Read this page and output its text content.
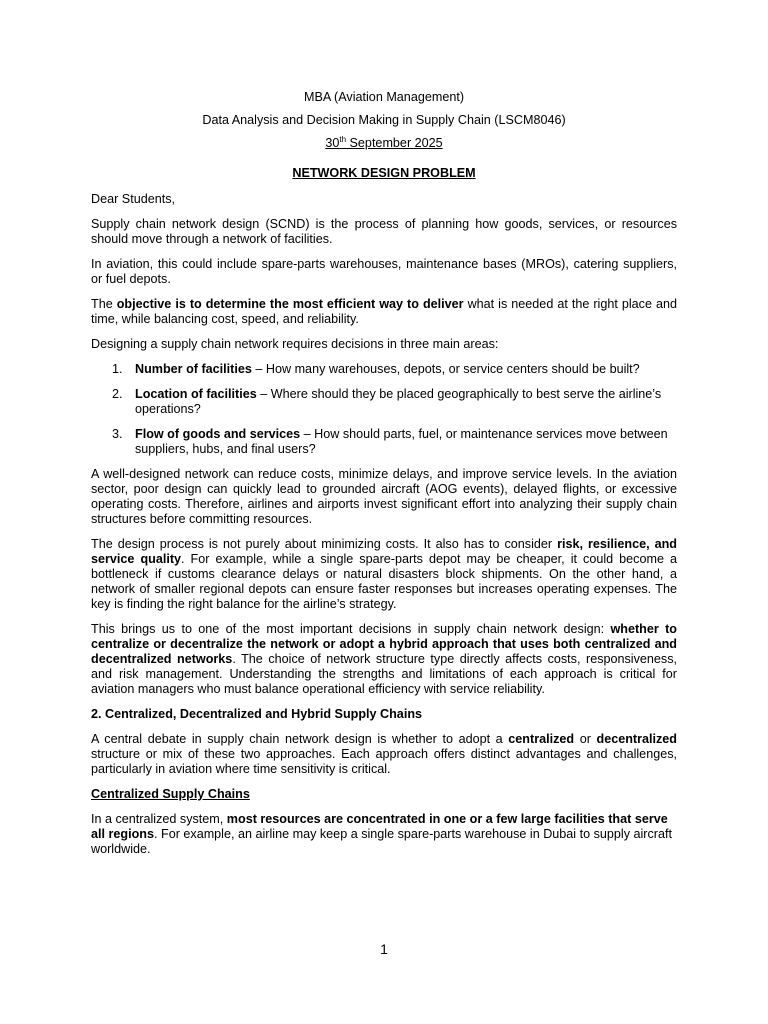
MBA (Aviation Management)

Data Analysis and Decision Making in Supply Chain (LSCM8046)

30th September 2025

NETWORK DESIGN PROBLEM

Dear Students,

Supply chain network design (SCND) is the process of planning how goods, services, or resources should move through a network of facilities.

In aviation, this could include spare-parts warehouses, maintenance bases (MROs), catering suppliers, or fuel depots.

The objective is to determine the most efficient way to deliver what is needed at the right place and time, while balancing cost, speed, and reliability.

Designing a supply chain network requires decisions in three main areas:

1. Number of facilities – How many warehouses, depots, or service centers should be built?
2. Location of facilities – Where should they be placed geographically to best serve the airline’s operations?
3. Flow of goods and services – How should parts, fuel, or maintenance services move between suppliers, hubs, and final users?

A well-designed network can reduce costs, minimize delays, and improve service levels. In the aviation sector, poor design can quickly lead to grounded aircraft (AOG events), delayed flights, or excessive operating costs. Therefore, airlines and airports invest significant effort into analyzing their supply chain structures before committing resources.

The design process is not purely about minimizing costs. It also has to consider risk, resilience, and service quality. For example, while a single spare-parts depot may be cheaper, it could become a bottleneck if customs clearance delays or natural disasters block shipments. On the other hand, a network of smaller regional depots can ensure faster responses but increases operating expenses. The key is finding the right balance for the airline’s strategy.

This brings us to one of the most important decisions in supply chain network design: whether to centralize or decentralize the network or adopt a hybrid approach that uses both centralized and decentralized networks. The choice of network structure type directly affects costs, responsiveness, and risk management. Understanding the strengths and limitations of each approach is critical for aviation managers who must balance operational efficiency with service reliability.

2. Centralized, Decentralized and Hybrid Supply Chains

A central debate in supply chain network design is whether to adopt a centralized or decentralized structure or mix of these two approaches. Each approach offers distinct advantages and challenges, particularly in aviation where time sensitivity is critical.

Centralized Supply Chains

In a centralized system, most resources are concentrated in one or a few large facilities that serve all regions. For example, an airline may keep a single spare-parts warehouse in Dubai to supply aircraft worldwide.

1
